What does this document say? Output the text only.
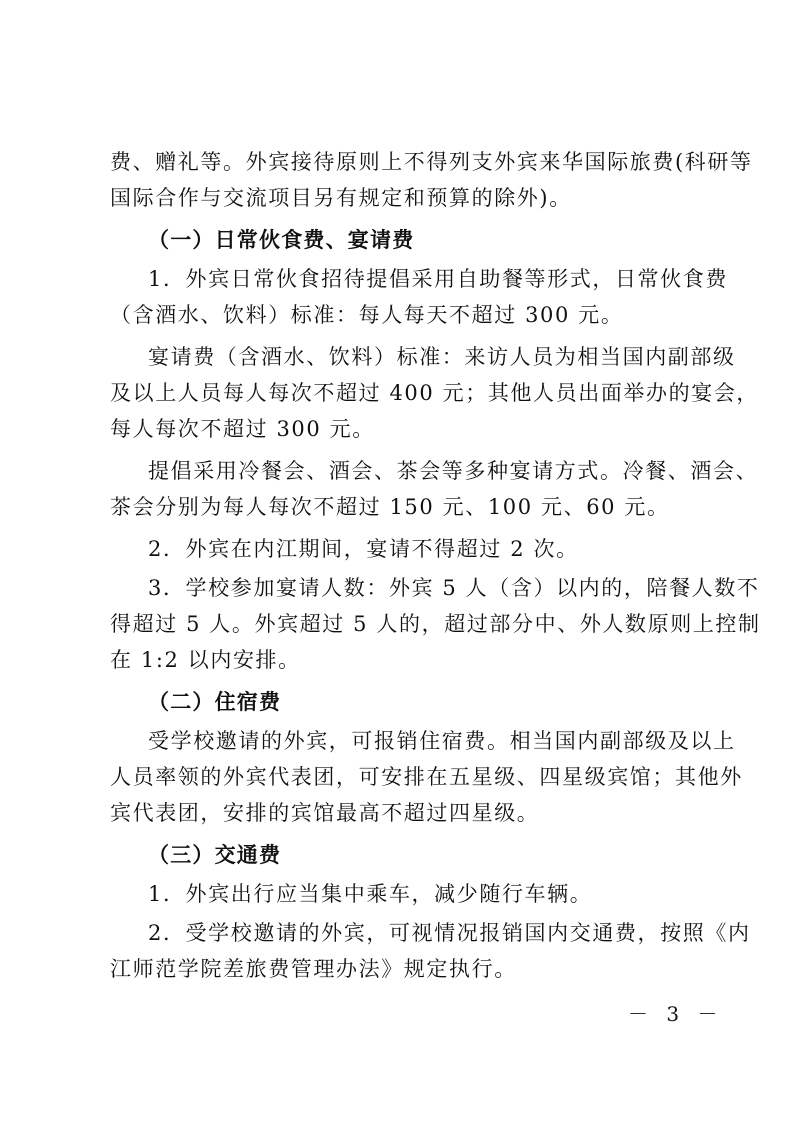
费、赠礼等。外宾接待原则上不得列支外宾来华国际旅费(科研等
国际合作与交流项目另有规定和预算的除外)。
（一）日常伙食费、宴请费
1．外宾日常伙食招待提倡采用自助餐等形式，日常伙食费
（含酒水、饮料）标准：每人每天不超过 300 元。
宴请费（含酒水、饮料）标准：来访人员为相当国内副部级
及以上人员每人每次不超过 400 元；其他人员出面举办的宴会，
每人每次不超过 300 元。
提倡采用冷餐会、酒会、茶会等多种宴请方式。冷餐、酒会、
茶会分别为每人每次不超过 150 元、100 元、60 元。
2．外宾在内江期间，宴请不得超过 2 次。
3．学校参加宴请人数：外宾 5 人（含）以内的，陪餐人数不
得超过 5 人。外宾超过 5 人的，超过部分中、外人数原则上控制
在 1:2 以内安排。
（二）住宿费
受学校邀请的外宾，可报销住宿费。相当国内副部级及以上
人员率领的外宾代表团，可安排在五星级、四星级宾馆；其他外
宾代表团，安排的宾馆最高不超过四星级。
（三）交通费
1．外宾出行应当集中乘车，减少随行车辆。
2．受学校邀请的外宾，可视情况报销国内交通费，按照《内
江师范学院差旅费管理办法》规定执行。
－ 3 －
